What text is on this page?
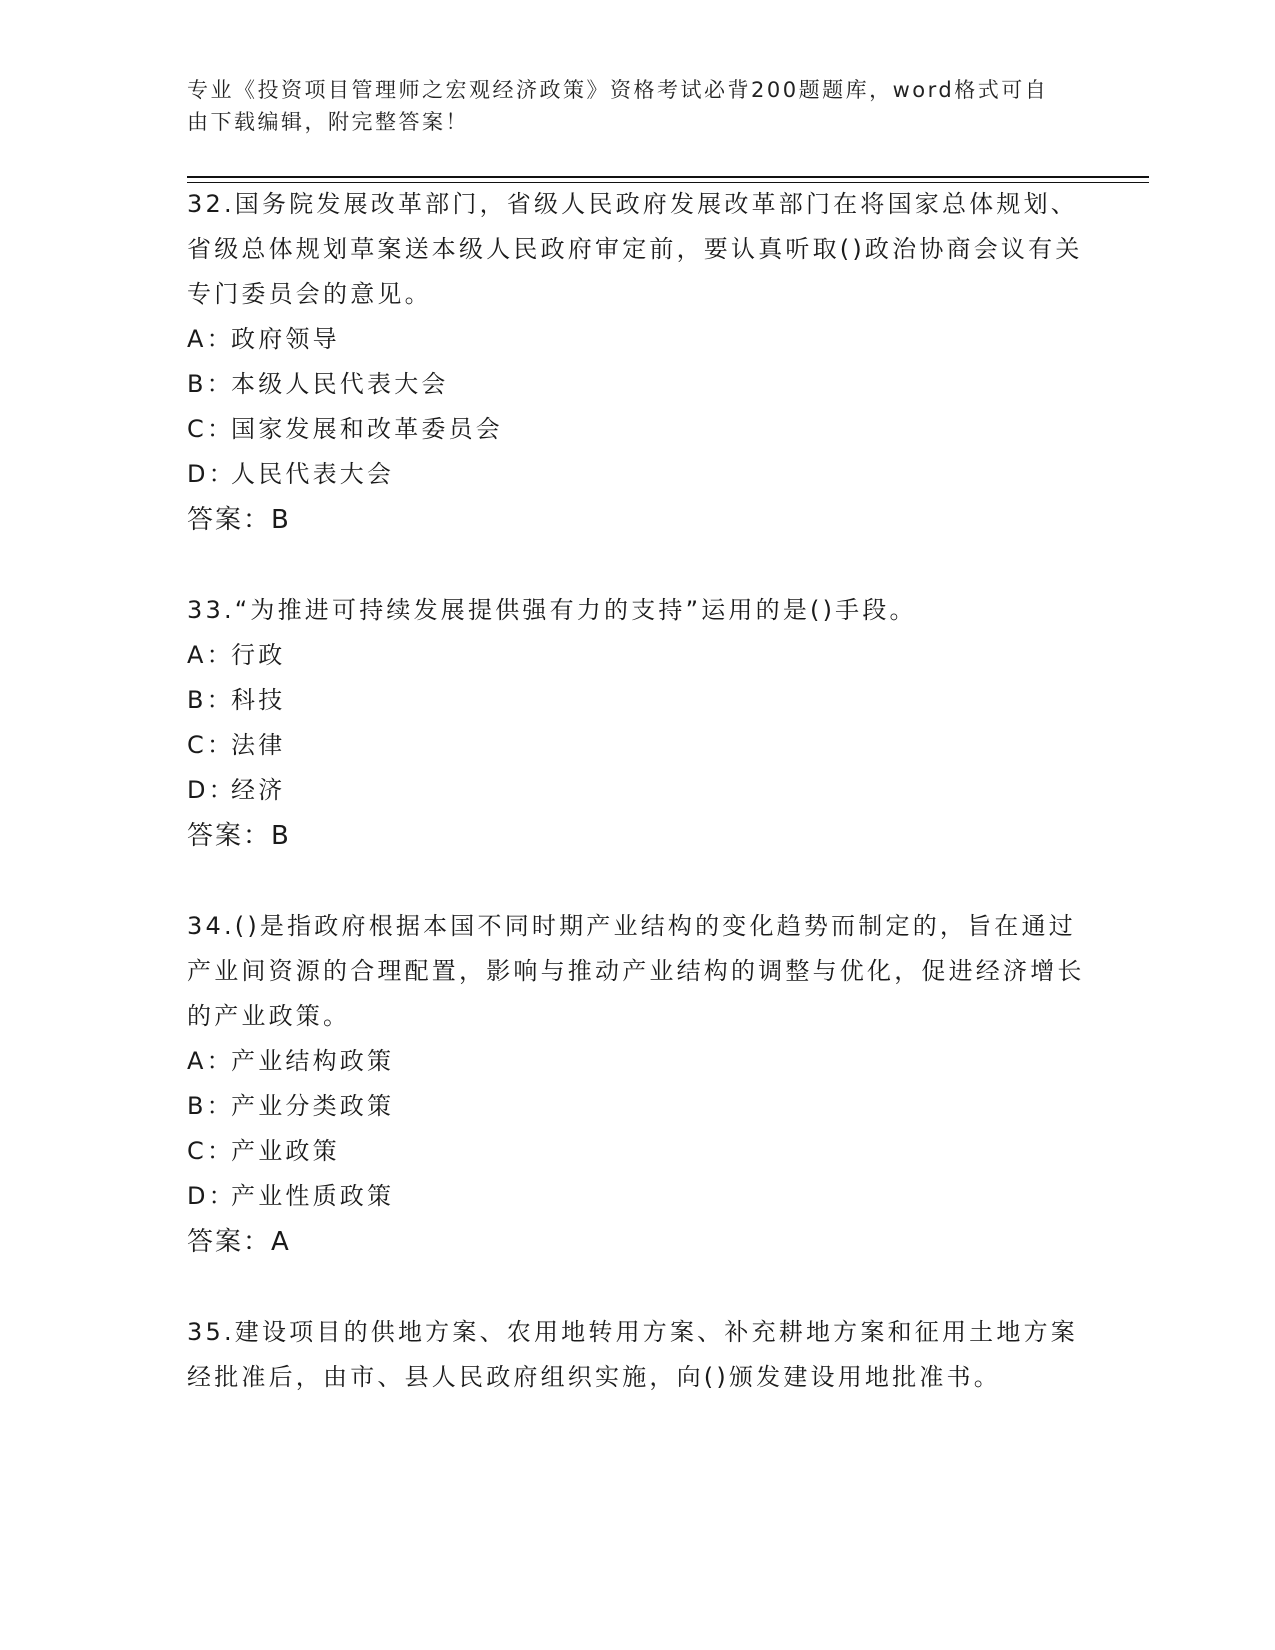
专业《投资项目管理师之宏观经济政策》资格考试必背200题题库，word格式可自由下载编辑，附完整答案！
32.国务院发展改革部门，省级人民政府发展改革部门在将国家总体规划、省级总体规划草案送本级人民政府审定前，要认真听取()政治协商会议有关专门委员会的意见。
A：
政府领导
B：
本级人民代表大会
C：
国家发展和改革委员会
D：
人民代表大会
答案：B
33.“为推进可持续发展提供强有力的支持”运用的是()手段。
A：
行政
B：
科技
C：
法律
D：
经济
答案：B
34.()是指政府根据本国不同时期产业结构的变化趋势而制定的，旨在通过产业间资源的合理配置，影响与推动产业结构的调整与优化，促进经济增长的产业政策。
A：
产业结构政策
B：
产业分类政策
C：
产业政策
D：
产业性质政策
答案：A
35.建设项目的供地方案、农用地转用方案、补充耕地方案和征用土地方案经批准后，由市、县人民政府组织实施，向()颁发建设用地批准书。
